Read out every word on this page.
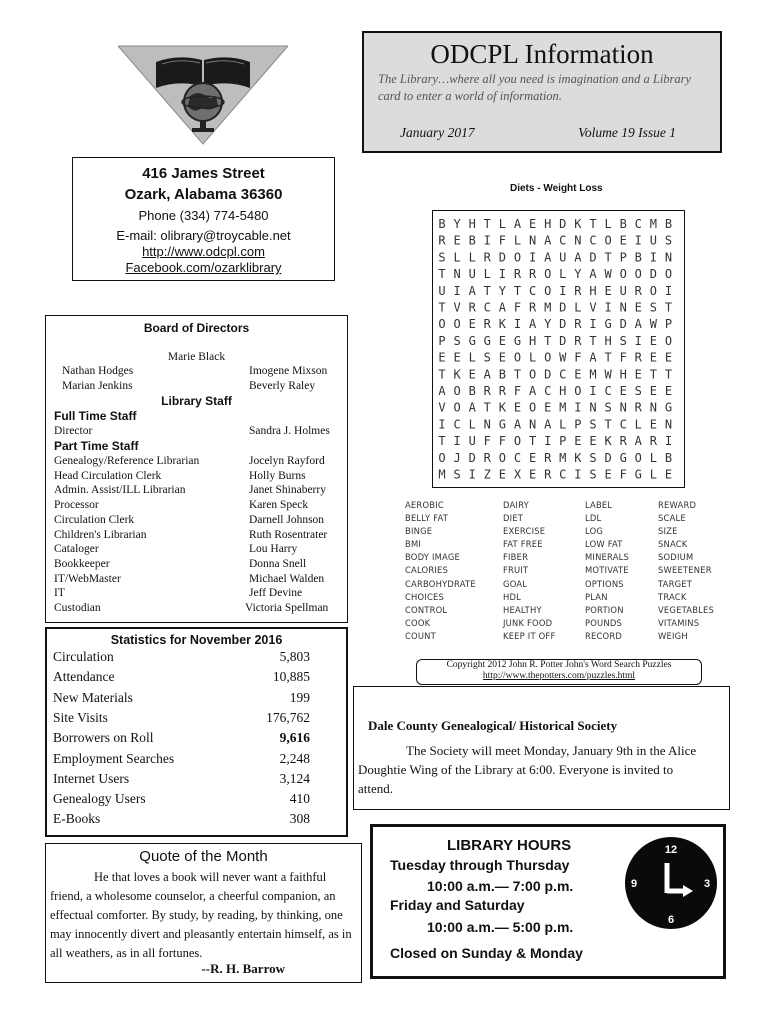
ODCPL Information
The Library…where all you need is imagination and a Library card to enter a world of information.
January 2017	Volume 19 Issue 1
416 James Street
Ozark, Alabama 36360
Phone (334) 774-5480
E-mail: olibrary@troycable.net
http://www.odcpl.com
Facebook.com/ozarklibrary
Board of Directors
Marie Black
Nathan Hodges	Imogene Mixson
Marian Jenkins	Beverly Raley
Library Staff
Full Time Staff
Director	Sandra J. Holmes
Part Time Staff
Genealogy/Reference Librarian	Jocelyn Rayford
Head Circulation Clerk	Holly Burns
Admin. Assist/ILL Librarian	Janet Shinaberry
Processor	Karen Speck
Circulation Clerk	Darnell Johnson
Children's Librarian	Ruth Rosentrater
Cataloger	Lou Harry
Bookkeeper	Donna Snell
IT/WebMaster	Michael Walden
IT	Jeff Devine
Custodian	Victoria Spellman
Statistics for November 2016
Circulation	5,803
Attendance	10,885
New Materials	199
Site Visits	176,762
Borrowers on Roll	9,616
Employment Searches	2,248
Internet Users	3,124
Genealogy Users	410
E-Books	308
Quote of the Month
He that loves a book will never want a faithful friend, a wholesome counselor, a cheerful companion, an effectual comforter. By study, by reading, by thinking, one may innocently divert and pleasantly entertain himself, as in all weathers, as in all fortunes.
--R. H. Barrow
Diets - Weight Loss
B Y H T L A E H D K T L B C M B
R E B I F L N A C N C O E I U S
S L L R D O I A U A D T P B I N
T N U L I R R O L Y A W O O D O
U I A T Y T C O I R H E U R O I
T V R C A F R M D L V I N E S T
O O E R K I A Y D R I G D A W P
P S G G E G H T D R T H S I E O
E E L S E O L O W F A T F R E E
T K E A B T O D C E M W H E T T
A O B R R F A C H O I C E S E E
V O A T K E O E M I N S N R N G
I C L N G A N A L P S T C L E N
T I U F F O T I P E E K R A R I
O J D R O C E R M K S D G O L B
M S I Z E X E R C I S E F G L E
AEROBIC
BELLY FAT
BINGE
BMI
BODY IMAGE
CALORIES
CARBOHYDRATE
CHOICES
CONTROL
COOK
COUNT
DAIRY
DIET
EXERCISE
FAT FREE
FIBER
FRUIT
GOAL
HDL
HEALTHY
JUNK FOOD
KEEP IT OFF
LABEL
LDL
LOG
LOW FAT
MINERALS
MOTIVATE
OPTIONS
PLAN
PORTION
POUNDS
RECORD
REWARD
SCALE
SIZE
SNACK
SODIUM
SWEETENER
TARGET
TRACK
VEGETABLES
VITAMINS
WEIGH
Copyright 2012 John R. Potter John's Word Search Puzzles
http://www.thepotters.com/puzzles.html
Dale County Genealogical/ Historical Society
The Society will meet Monday, January 9th in the Alice Doughtie Wing of the Library at 6:00. Everyone is invited to attend.
LIBRARY HOURS
Tuesday through Thursday
10:00 a.m.— 7:00 p.m.
Friday and Saturday
10:00 a.m.— 5:00 p.m.
Closed on Sunday & Monday
12
3
6
9
